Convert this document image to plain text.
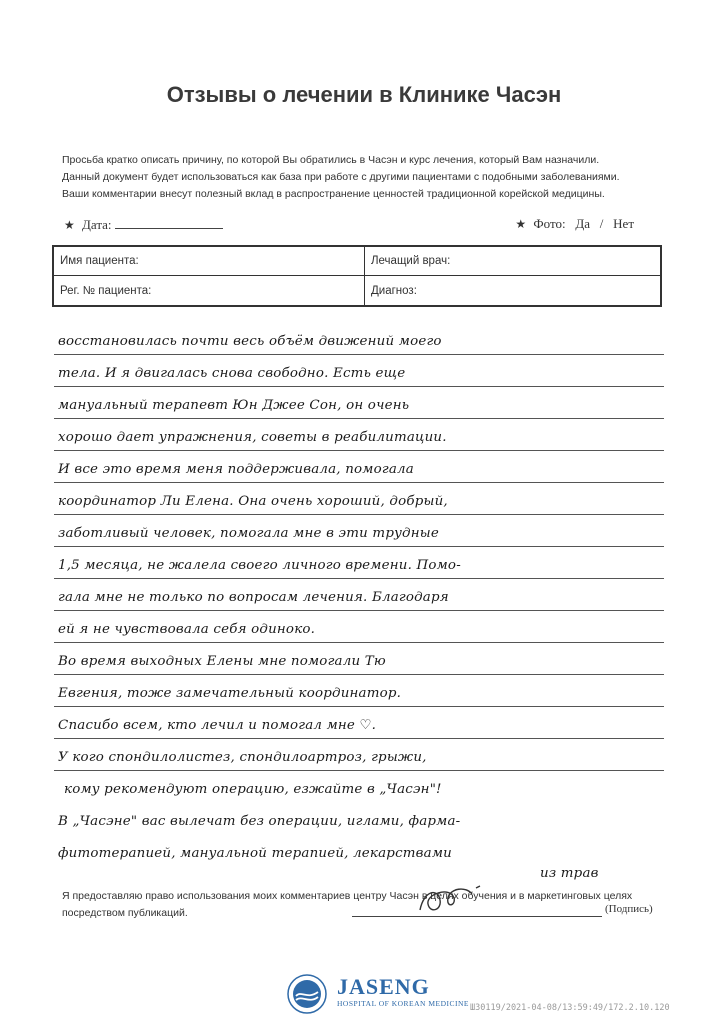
Отзывы о лечении в Клинике Часэн
Просьба кратко описать причину, по которой Вы обратились в Часэн и курс лечения, который Вам назначили.
Данный документ будет использоваться как база при работе с другими пациентами с подобными заболеваниями.
Ваши комментарии внесут полезный вклад в распространение ценностей традиционной корейской медицины.
★ Дата:	★ Фото: Да / Нет
Имя пациента:	Лечащий врач:
Рег. № пациента:	Диагноз:
восстановилась почти весь объём движений моего
тела. И я двигалась снова свободно. Есть еще
мануальный терапевт Юн Джее Сон, он очень
хорошо дает упражнения, советы в реабилитации.
И все это время меня поддерживала, помогала
координатор Ли Елена. Она очень хороший, добрый,
заботливый человек, помогала мне в эти трудные
1,5 месяца, не жалела своего личного времени. Помо-
гала мне не только по вопросам лечения. Благодаря
ей я не чувствовала себя одиноко.
Во время выходных Елены мне помогали Тю
Евгения, тоже замечательный координатор.
Спасибо всем, кто лечил и помогал мне ♡.
У кого спондилолистез, спондилоартроз, грыжи,
кому рекомендуют операцию, езжайте в „Часэн"!
В „Часэне" вас вылечат без операции, иглами, фарма-
фитотерапией, мануальной терапией, лекарствами
из трав
Я предоставляю право использования моих комментариев центру Часэн в целях обучения и в маркетинговых целях посредством публикаций.	(Подпись)
JASENG
HOSPITAL OF KOREAN MEDICINE Ш30119/2021-04-08/13:59:49/172.2.10.120
